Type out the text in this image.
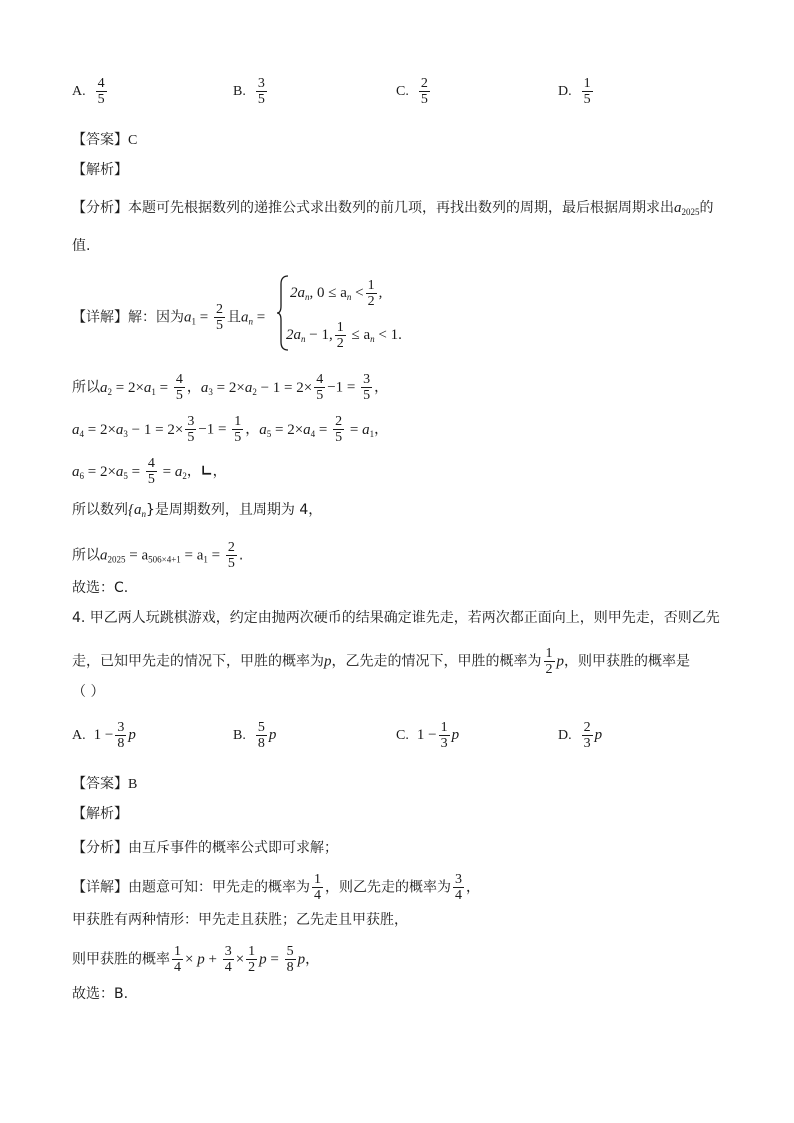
A. $\frac{4}{5}$	B. $\frac{3}{5}$	C. $\frac{2}{5}$	D. $\frac{1}{5}$
【答案】C
【解析】
【分析】本题可先根据数列的递推公式求出数列的前几项，再找出数列的周期，最后根据周期求出$a_{2025}$的
值.
【详解】解：因为$a_1 = \frac{2}{5}$ 且$a_n$ =
$2a_n$, $0 \le a_n < \frac{1}{2}$ ,
$2a_n - 1$, $\frac{1}{2} \le a_n < 1$.
所以$a_2 = 2\times a_1 = \frac{4}{5}$ ，$a_3 = 2\times a_2 - 1 = 2\times \frac{4}{5} -1 = \frac{3}{5}$ ，
$a_4 = 2\times a_3 - 1 = 2\times \frac{3}{5} -1 = \frac{1}{5}$ ，$a_5 = 2\times a_4 = \frac{2}{5} = a_1$，
$a_6 = 2\times a_5 = \frac{4}{5} = a_2$，∟，
所以数列$\{a_n\}$是周期数列，且周期为 4，
所以$a_{2025} = a_{506\times 4+1} = a_1 = \frac{2}{5}$ .
故选：C.
4. 甲乙两人玩跳棋游戏，约定由抛两次硬币的结果确定谁先走，若两次都正面向上，则甲先走，否则乙先
走，已知甲先走的情况下，甲胜的概率为p，乙先走的情况下，甲胜的概率为 $\frac{1}{2}$ p，则甲获胜的概率是
（ ）
A. $1 - \frac{3}{8}$ p	B. $\frac{5}{8}$ p	C. $1 - \frac{1}{3}$ p	D. $\frac{2}{3}$ p
【答案】B
【解析】
【分析】由互斥事件的概率公式即可求解；
【详解】由题意可知：甲先走的概率为 $\frac{1}{4}$ ，则乙先走的概率为 $\frac{3}{4}$ ，
甲获胜有两种情形：甲先走且获胜；乙先走且甲获胜，
则甲获胜的概率 $\frac{1}{4} \times p + \frac{3}{4} \times \frac{1}{2}$ $p = \frac{5}{8}$ p，
故选：B.
